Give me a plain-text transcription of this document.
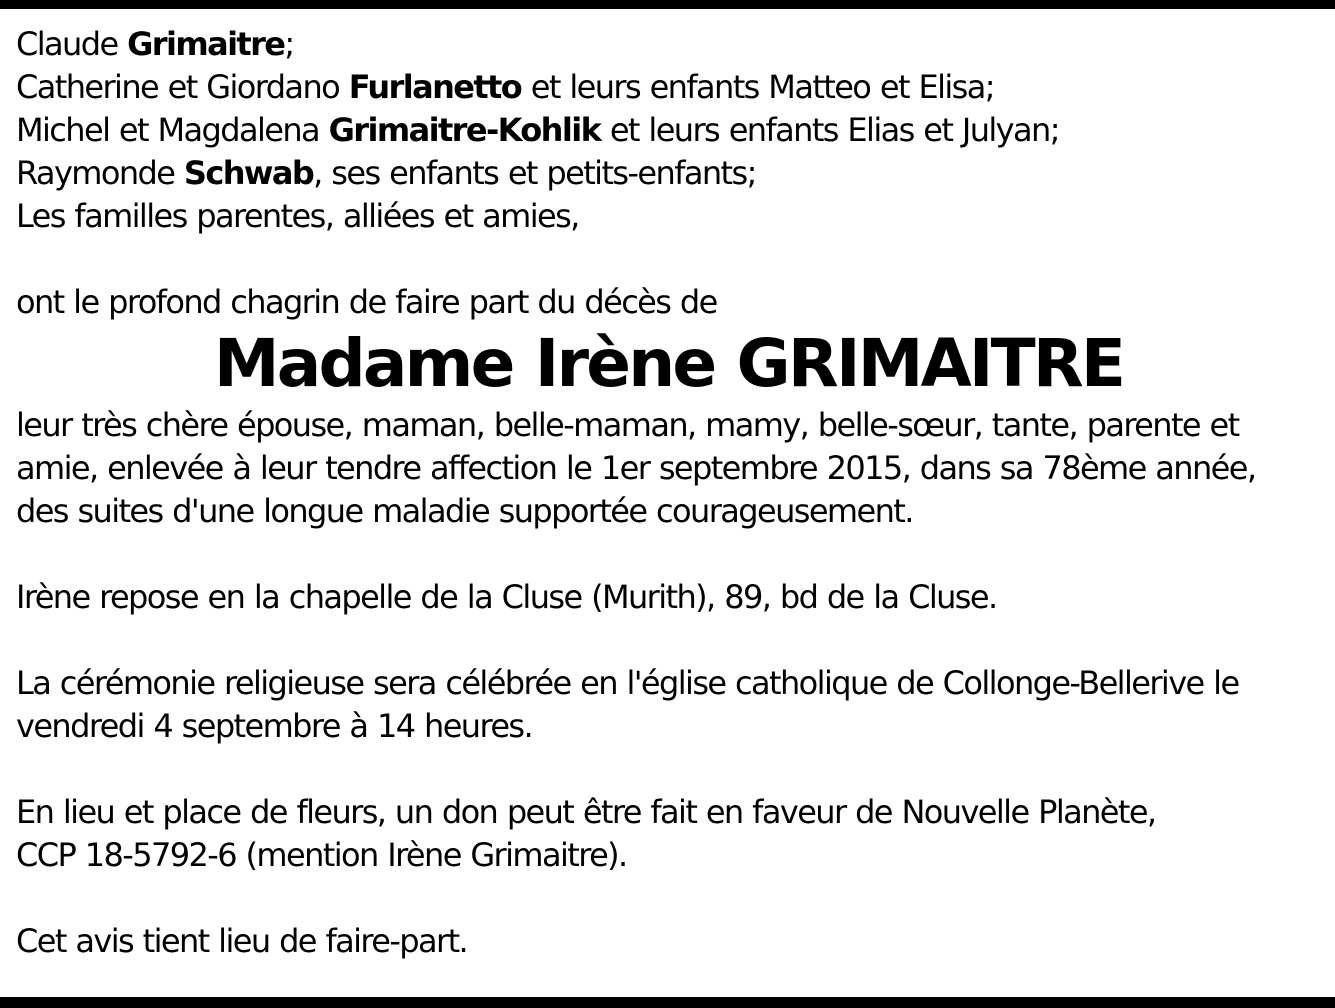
Claude Grimaitre;
Catherine et Giordano Furlanetto et leurs enfants Matteo et Elisa;
Michel et Magdalena Grimaitre-Kohlik et leurs enfants Elias et Julyan;
Raymonde Schwab, ses enfants et petits-enfants;
Les familles parentes, alliées et amies,
ont le profond chagrin de faire part du décès de
Madame Irène GRIMAITRE
leur très chère épouse, maman, belle-maman, mamy, belle-sœur, tante, parente et
amie, enlevée à leur tendre affection le 1er septembre 2015, dans sa 78ème année,
des suites d'une longue maladie supportée courageusement.
Irène repose en la chapelle de la Cluse (Murith), 89, bd de la Cluse.
La cérémonie religieuse sera célébrée en l'église catholique de Collonge-Bellerive le
vendredi 4 septembre à 14 heures.
En lieu et place de fleurs, un don peut être fait en faveur de Nouvelle Planète,
CCP 18-5792-6 (mention Irène Grimaitre).
Cet avis tient lieu de faire-part.
